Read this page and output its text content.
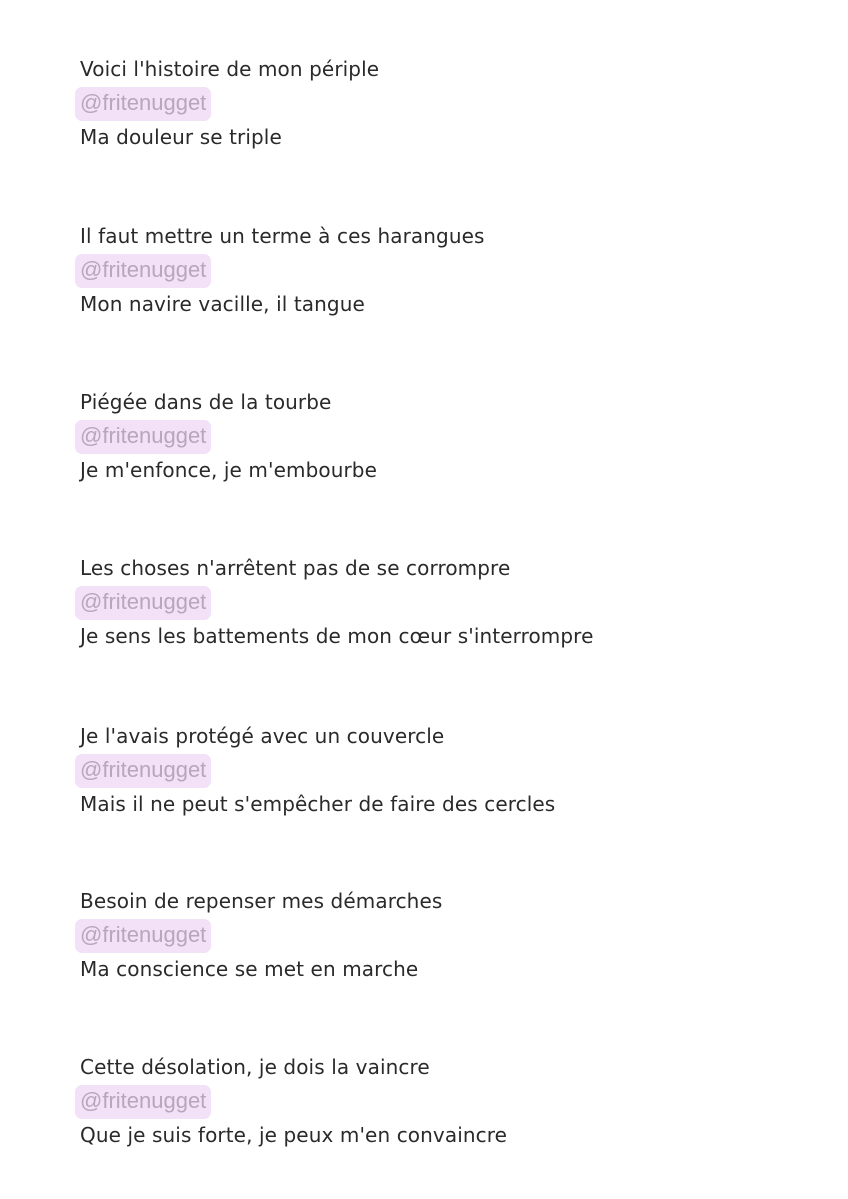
Voici l'histoire de mon périple
@fritenugget
Ma douleur se triple
Il faut mettre un terme à ces harangues
@fritenugget
Mon navire vacille, il tangue
Piégée dans de la tourbe
@fritenugget
Je m'enfonce, je m'embourbe
Les choses n'arrêtent pas de se corrompre
@fritenugget
Je sens les battements de mon cœur s'interrompre
Je l'avais protégé avec un couvercle
@fritenugget
Mais il ne peut s'empêcher de faire des cercles
Besoin de repenser mes démarches
@fritenugget
Ma conscience se met en marche
Cette désolation, je dois la vaincre
@fritenugget
Que je suis forte, je peux m'en convaincre
